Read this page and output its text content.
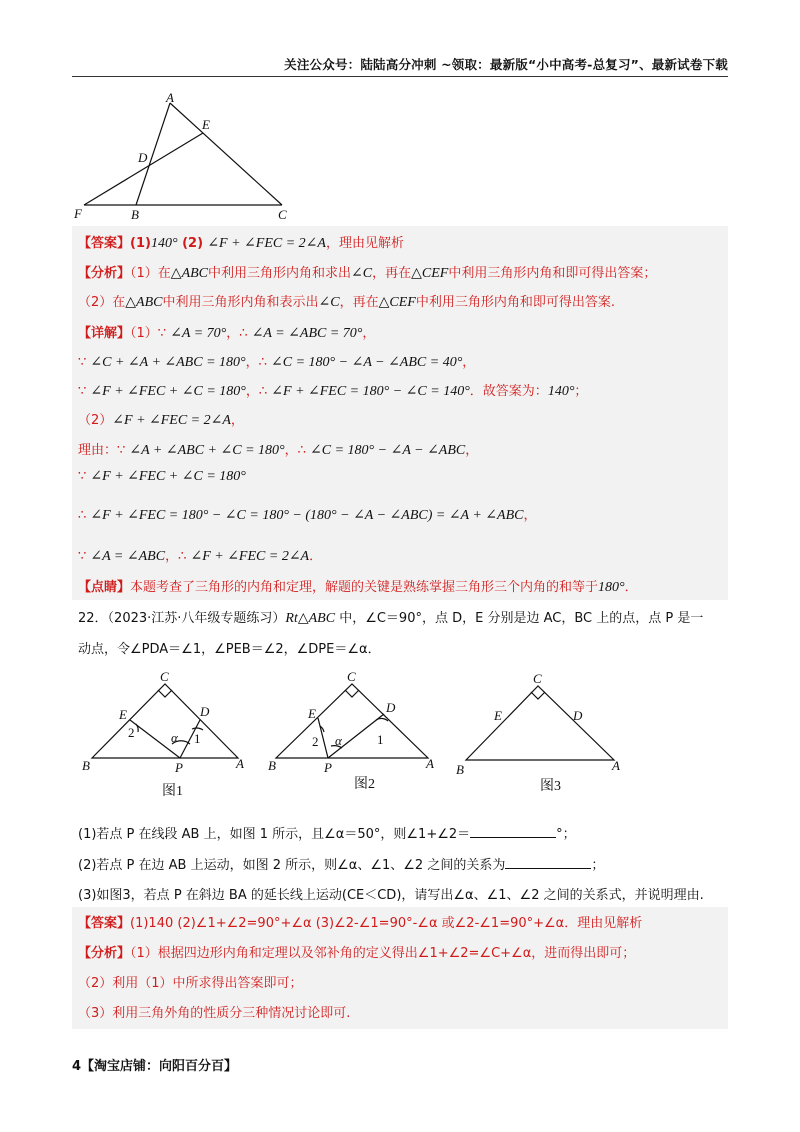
关注公众号：陆陆高分冲刺 ~领取：最新版“小中高考-总复习”、最新试卷下载
A
E
D
F	B	C
【答案】(1)140° (2) ∠F + ∠FEC = 2∠A，理由见解析
【分析】（1）在△ABC中利用三角形内角和求出∠C，再在△CEF中利用三角形内角和即可得出答案；
（2）在△ABC中利用三角形内角和表示出∠C，再在△CEF中利用三角形内角和即可得出答案.
【详解】（1）∵ ∠A = 70°，∴ ∠A = ∠ABC = 70°，
∵ ∠C + ∠A + ∠ABC = 180°，∴ ∠C = 180° − ∠A − ∠ABC = 40°，
∵ ∠F + ∠FEC + ∠C = 180°，∴ ∠F + ∠FEC = 180° − ∠C = 140°．故答案为：140°；
（2）∠F + ∠FEC = 2∠A，
理由：∵ ∠A + ∠ABC + ∠C = 180°，∴ ∠C = 180° − ∠A − ∠ABC，
∵ ∠F + ∠FEC + ∠C = 180°
∴ ∠F + ∠FEC = 180° − ∠C = 180° − (180° − ∠A − ∠ABC) = ∠A + ∠ABC，
∵ ∠A = ∠ABC，∴ ∠F + ∠FEC = 2∠A．
【点睛】本题考查了三角形的内角和定理，解题的关键是熟练掌握三角形三个内角的和等于180°．
22．（2023·江苏·八年级专题练习）Rt△ABC 中，∠C＝90°，点 D，E 分别是边 AC，BC 上的点，点 P 是一
动点，令∠PDA＝∠1，∠PEB＝∠2，∠DPE＝∠α．
C
E	D
2	α 1
B	P	A
图1
C
E	D
2 α	1
B	P	A
图2
C
E	D
B	A
图3
(1)若点 P 在线段 AB 上，如图 1 所示，且∠α＝50°，则∠1+∠2＝	°；
(2)若点 P 在边 AB 上运动，如图 2 所示，则∠α、∠1、∠2 之间的关系为	；
(3)如图3，若点 P 在斜边 BA 的延长线上运动(CE＜CD)，请写出∠α、∠1、∠2 之间的关系式，并说明理由.
【答案】(1)140 (2)∠1+∠2=90°+∠α (3)∠2-∠1=90°-∠α 或∠2-∠1=90°+∠α．理由见解析
【分析】（1）根据四边形内角和定理以及邻补角的定义得出∠1+∠2=∠C+∠α，进而得出即可；
（2）利用（1）中所求得出答案即可；
（3）利用三角外角的性质分三种情况讨论即可.
4【淘宝店铺：向阳百分百】
